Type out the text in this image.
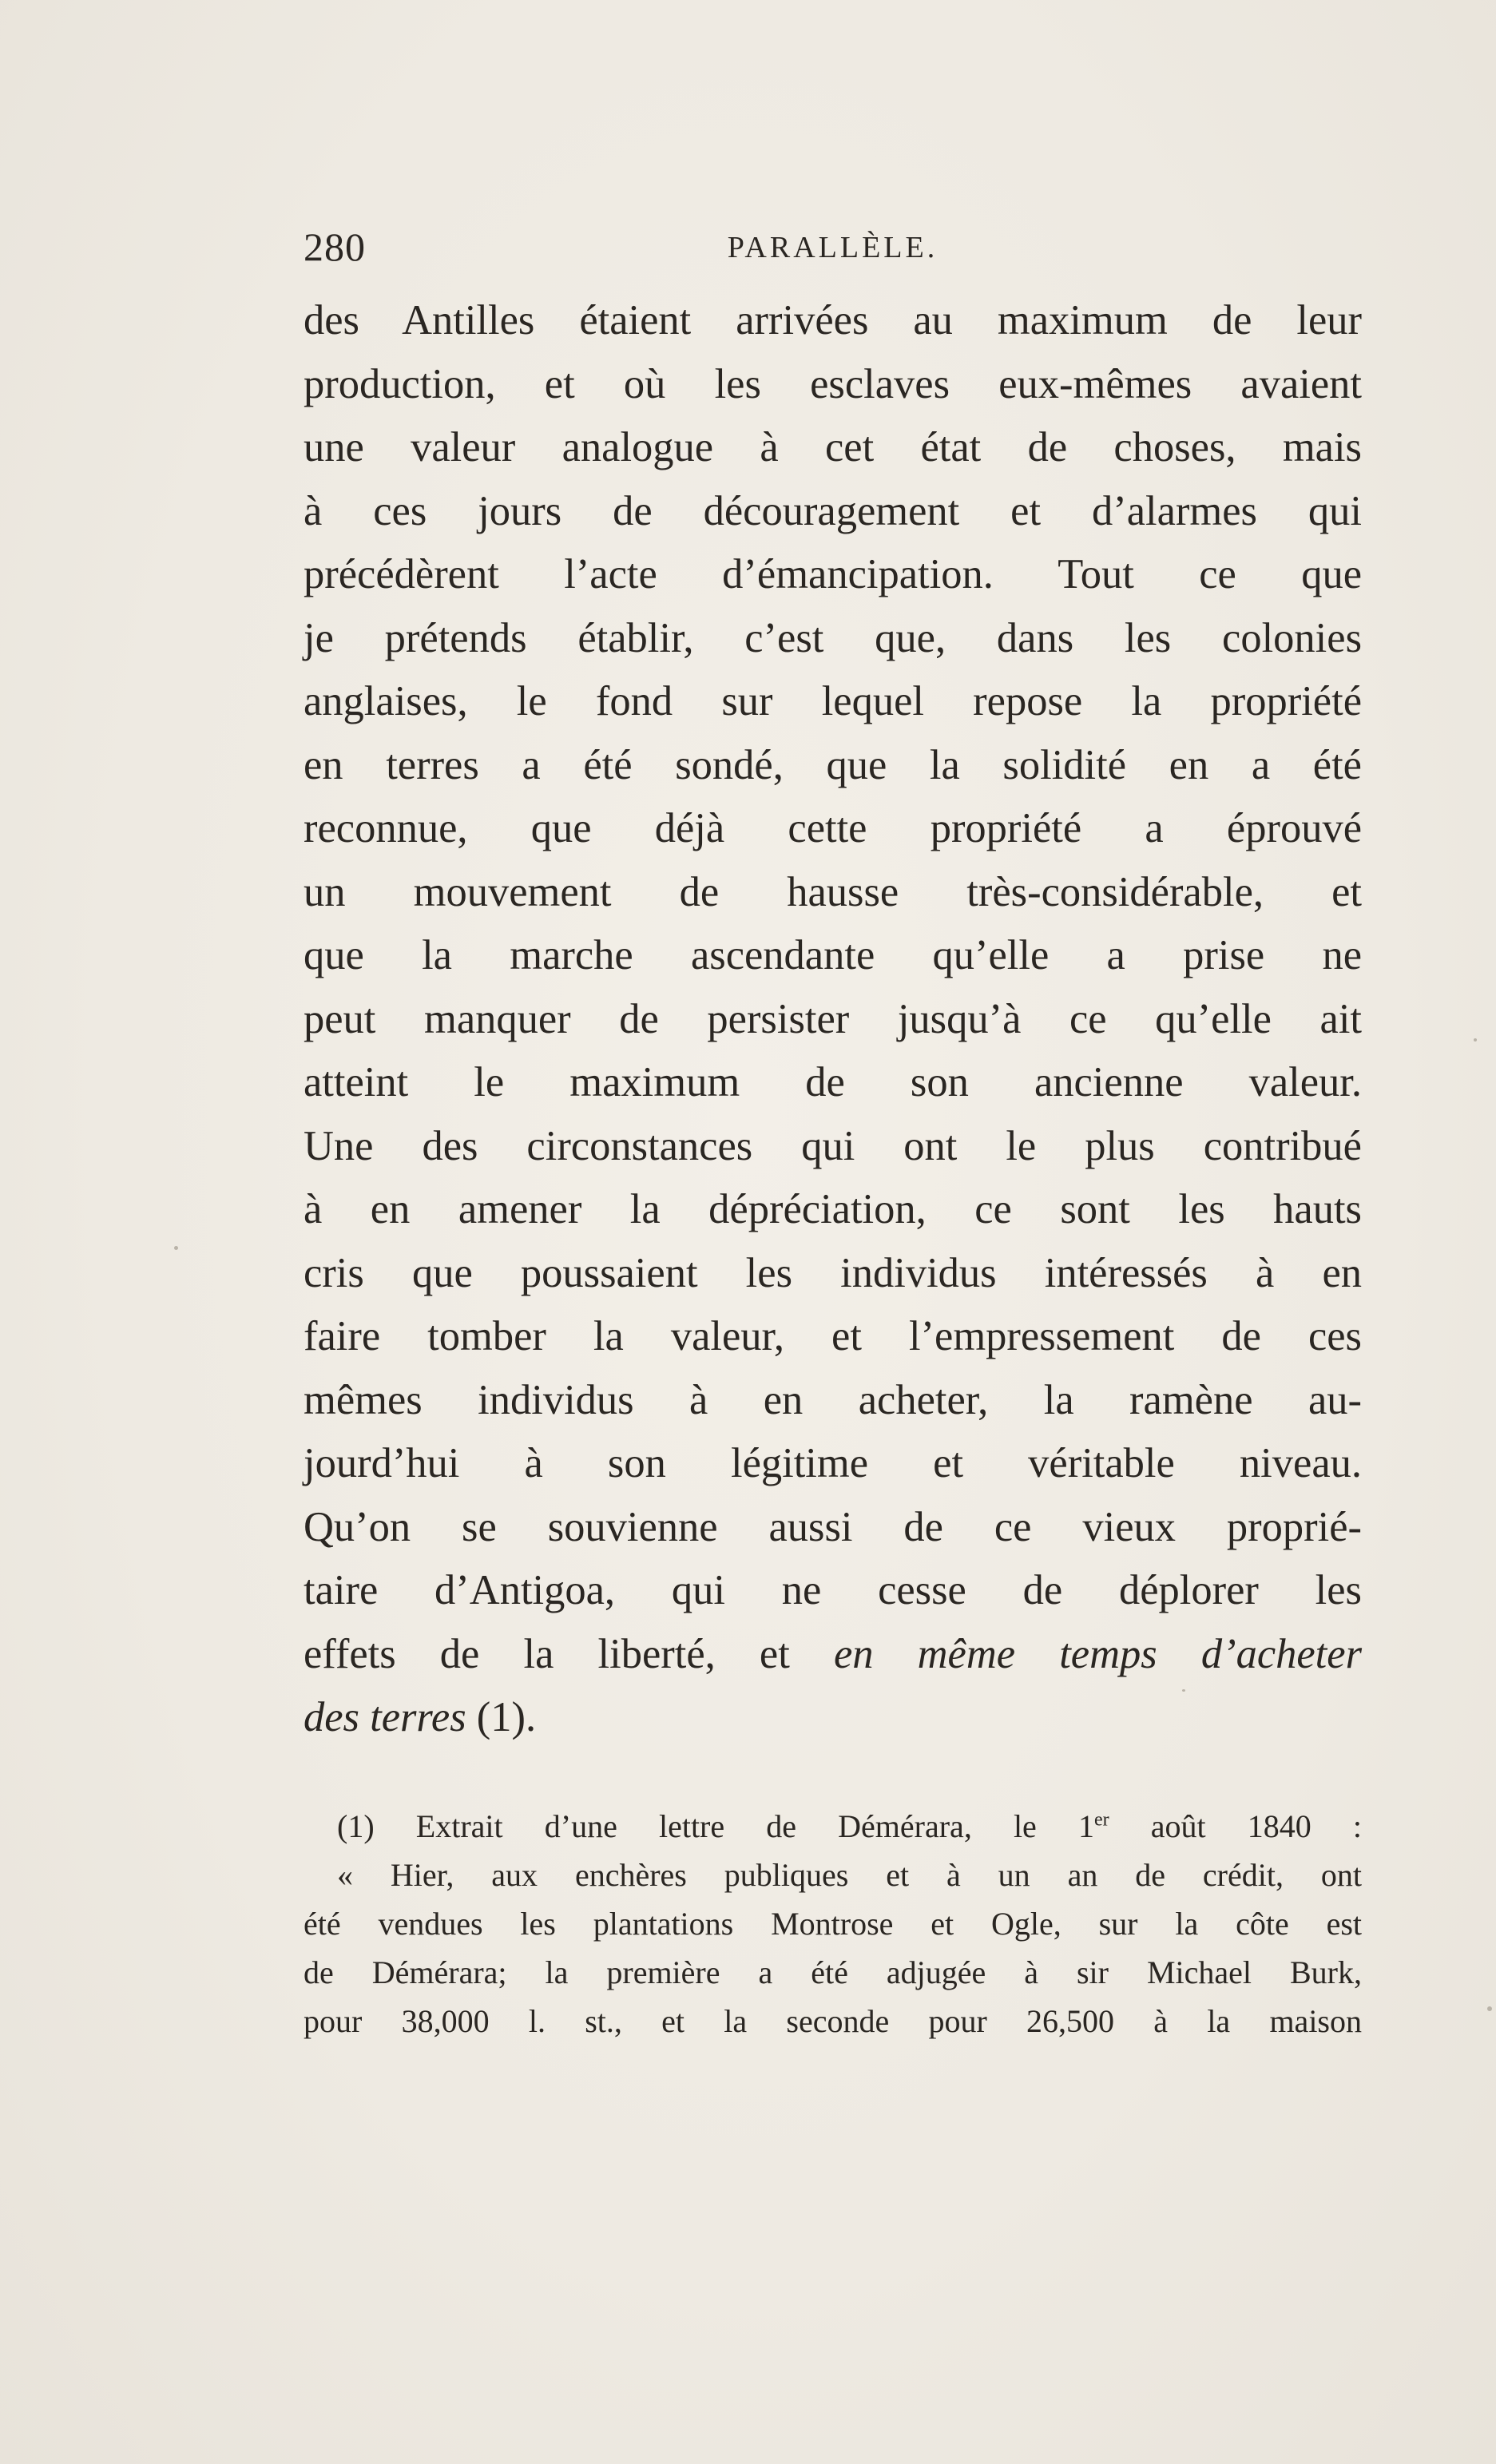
280	PARALLÈLE.
des Antilles étaient arrivées au maximum de leur
production, et où les esclaves eux-mêmes avaient
une valeur analogue à cet état de choses, mais
à ces jours de découragement et d’alarmes qui
précédèrent l’acte d’émancipation. Tout ce que
je prétends établir, c’est que, dans les colonies
anglaises, le fond sur lequel repose la propriété
en terres a été sondé, que la solidité en a été
reconnue, que déjà cette propriété a éprouvé
un mouvement de hausse très-considérable, et
que la marche ascendante qu’elle a prise ne
peut manquer de persister jusqu’à ce qu’elle ait
atteint le maximum de son ancienne valeur.
Une des circonstances qui ont le plus contribué
à en amener la dépréciation, ce sont les hauts
cris que poussaient les individus intéressés à en
faire tomber la valeur, et l’empressement de ces
mêmes individus à en acheter, la ramène au-
jourd’hui à son légitime et véritable niveau.
Qu’on se souvienne aussi de ce vieux proprié-
taire d’Antigoa, qui ne cesse de déplorer les
effets de la liberté, et en même temps d’acheter
des terres (1).
(1) Extrait d’une lettre de Démérara, le 1er août 1840 :
« Hier, aux enchères publiques et à un an de crédit, ont
été vendues les plantations Montrose et Ogle, sur la côte est
de Démérara; la première a été adjugée à sir Michael Burk,
pour 38,000 l. st., et la seconde pour 26,500 à la maison
